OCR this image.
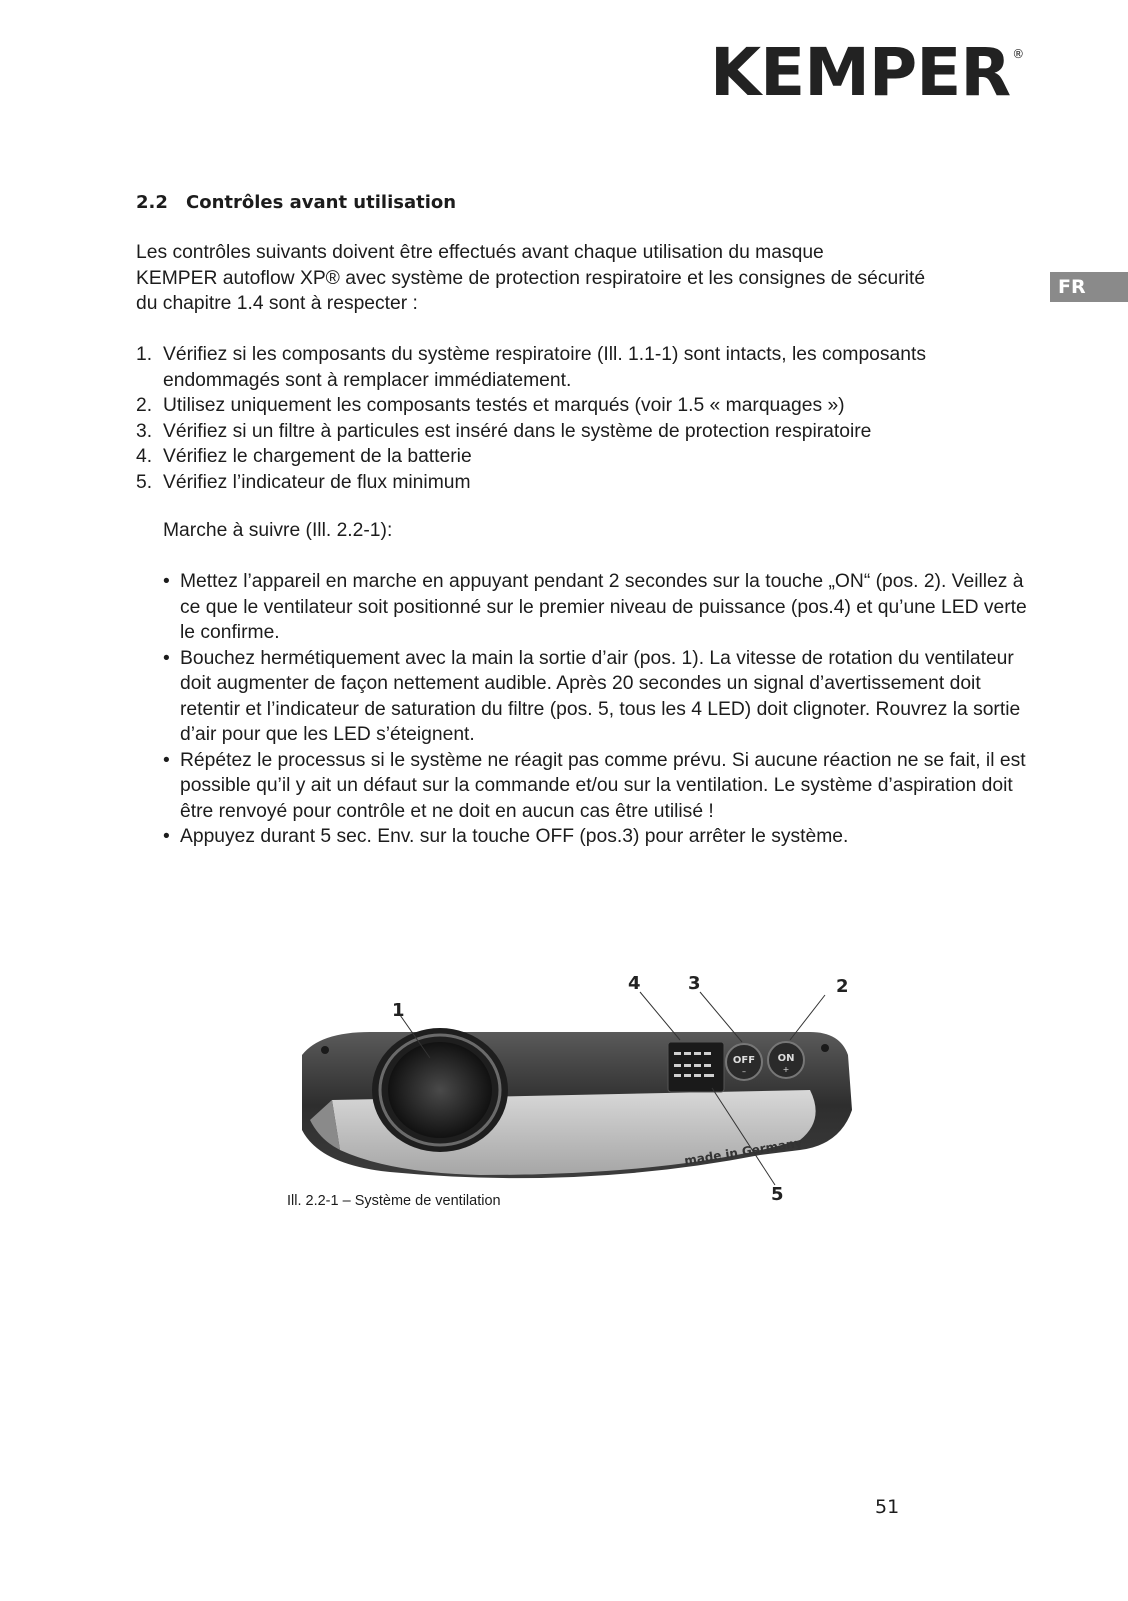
KEMPER ®
FR
2.2 Contrôles avant utilisation
Les contrôles suivants doivent être effectués avant chaque utilisation du masque
KEMPER autoflow XP® avec système de protection respiratoire et les consignes de sécurité
du chapitre 1.4 sont à respecter :
1. Vérifiez si les composants du système respiratoire (Ill. 1.1-1) sont intacts, les composants endommagés sont à remplacer immédiatement.
2. Utilisez uniquement les composants testés et marqués (voir 1.5 « marquages »)
3. Vérifiez si un filtre à particules est inséré dans le système de protection respiratoire
4. Vérifiez le chargement de la batterie
5. Vérifiez l’indicateur de flux minimum
Marche à suivre (Ill. 2.2-1):
• Mettez l’appareil en marche en appuyant pendant 2 secondes sur la touche „ON“ (pos. 2). Veillez à ce que le ventilateur soit positionné sur le premier niveau de puissance (pos.4) et qu’une LED verte le confirme.
• Bouchez hermétiquement avec la main la sortie d’air (pos. 1). La vitesse de rotation du ventilateur doit augmenter de façon nettement audible. Après 20 secondes un signal d’avertissement doit retentir et l’indicateur de saturation du filtre (pos. 5, tous les 4 LED) doit clignoter. Rouvrez la sortie d’air pour que les LED s’éteignent.
• Répétez le processus si le système ne réagit pas comme prévu. Si aucune réaction ne se fait, il est possible qu’il y ait un défaut sur la commande et/ou sur la ventilation. Le système d’aspiration doit être renvoyé pour contrôle et ne doit en aucun cas être utilisé !
• Appuyez durant 5 sec. Env. sur la touche OFF (pos.3) pour arrêter le système.
OFF
–
ON
+
made in Germany
1
4	3	2
5
Ill. 2.2-1 – Système de ventilation
51
